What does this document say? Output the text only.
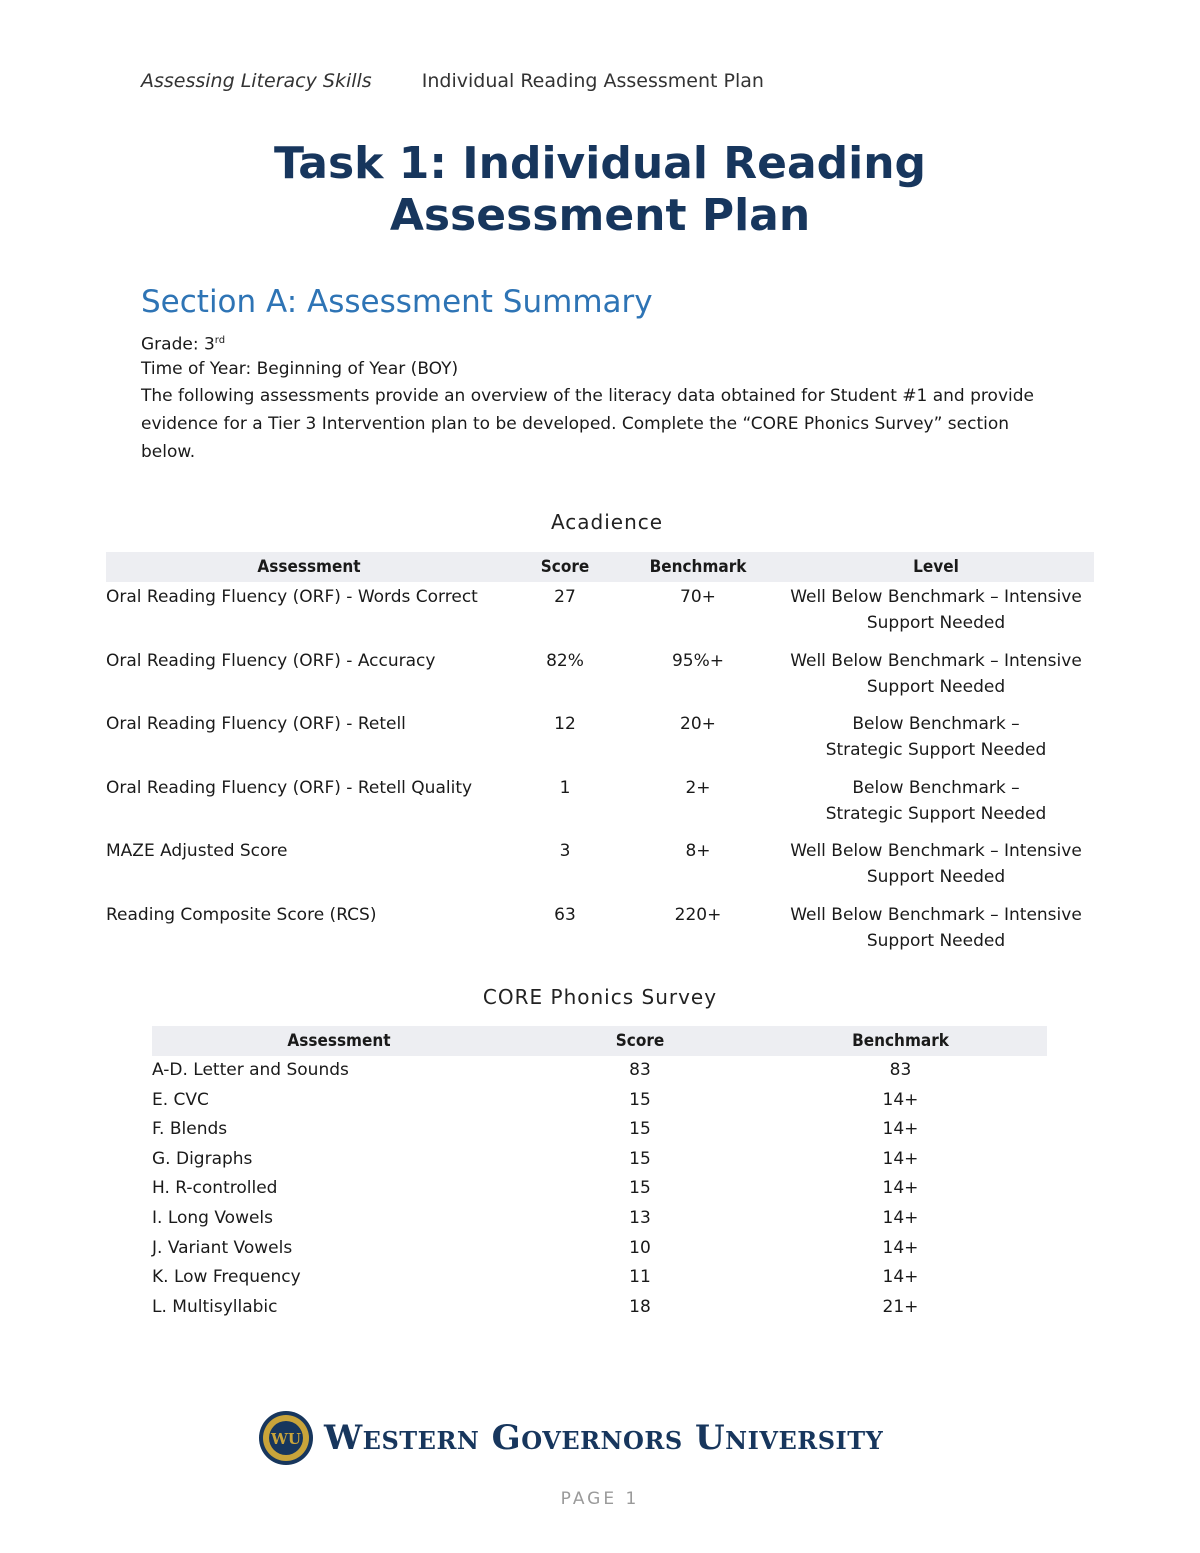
Assessing Literacy Skills	Individual Reading Assessment Plan
Task 1: Individual Reading
Assessment Plan
Section A: Assessment Summary
Grade: 3rd
Time of Year: Beginning of Year (BOY)
The following assessments provide an overview of the literacy data obtained for Student #1 and provide evidence for a Tier 3 Intervention plan to be developed. Complete the “CORE Phonics Survey” section below.
Acadience
Assessment	Score	Benchmark	Level
Oral Reading Fluency (ORF) - Words Correct	27	70+	Well Below Benchmark – Intensive
Support Needed

Oral Reading Fluency (ORF) - Accuracy	82%	95%+	Well Below Benchmark – Intensive
Support Needed

Oral Reading Fluency (ORF) - Retell	12	20+	Below Benchmark –
Strategic Support Needed

Oral Reading Fluency (ORF) - Retell Quality	1	2+	Below Benchmark –
Strategic Support Needed

MAZE Adjusted Score	3	8+	Well Below Benchmark – Intensive
Support Needed

Reading Composite Score (RCS)	63	220+	Well Below Benchmark – Intensive
Support Needed
CORE Phonics Survey
Assessment	Score	Benchmark
A-D. Letter and Sounds	83	83
E. CVC	15	14+
F. Blends	15	14+
G. Digraphs	15	14+
H. R-controlled	15	14+
I. Long Vowels	13	14+
J. Variant Vowels	10	14+
K. Low Frequency	11	14+
L. Multisyllabic	18	21+
WU Western Governors University
PAGE 1
